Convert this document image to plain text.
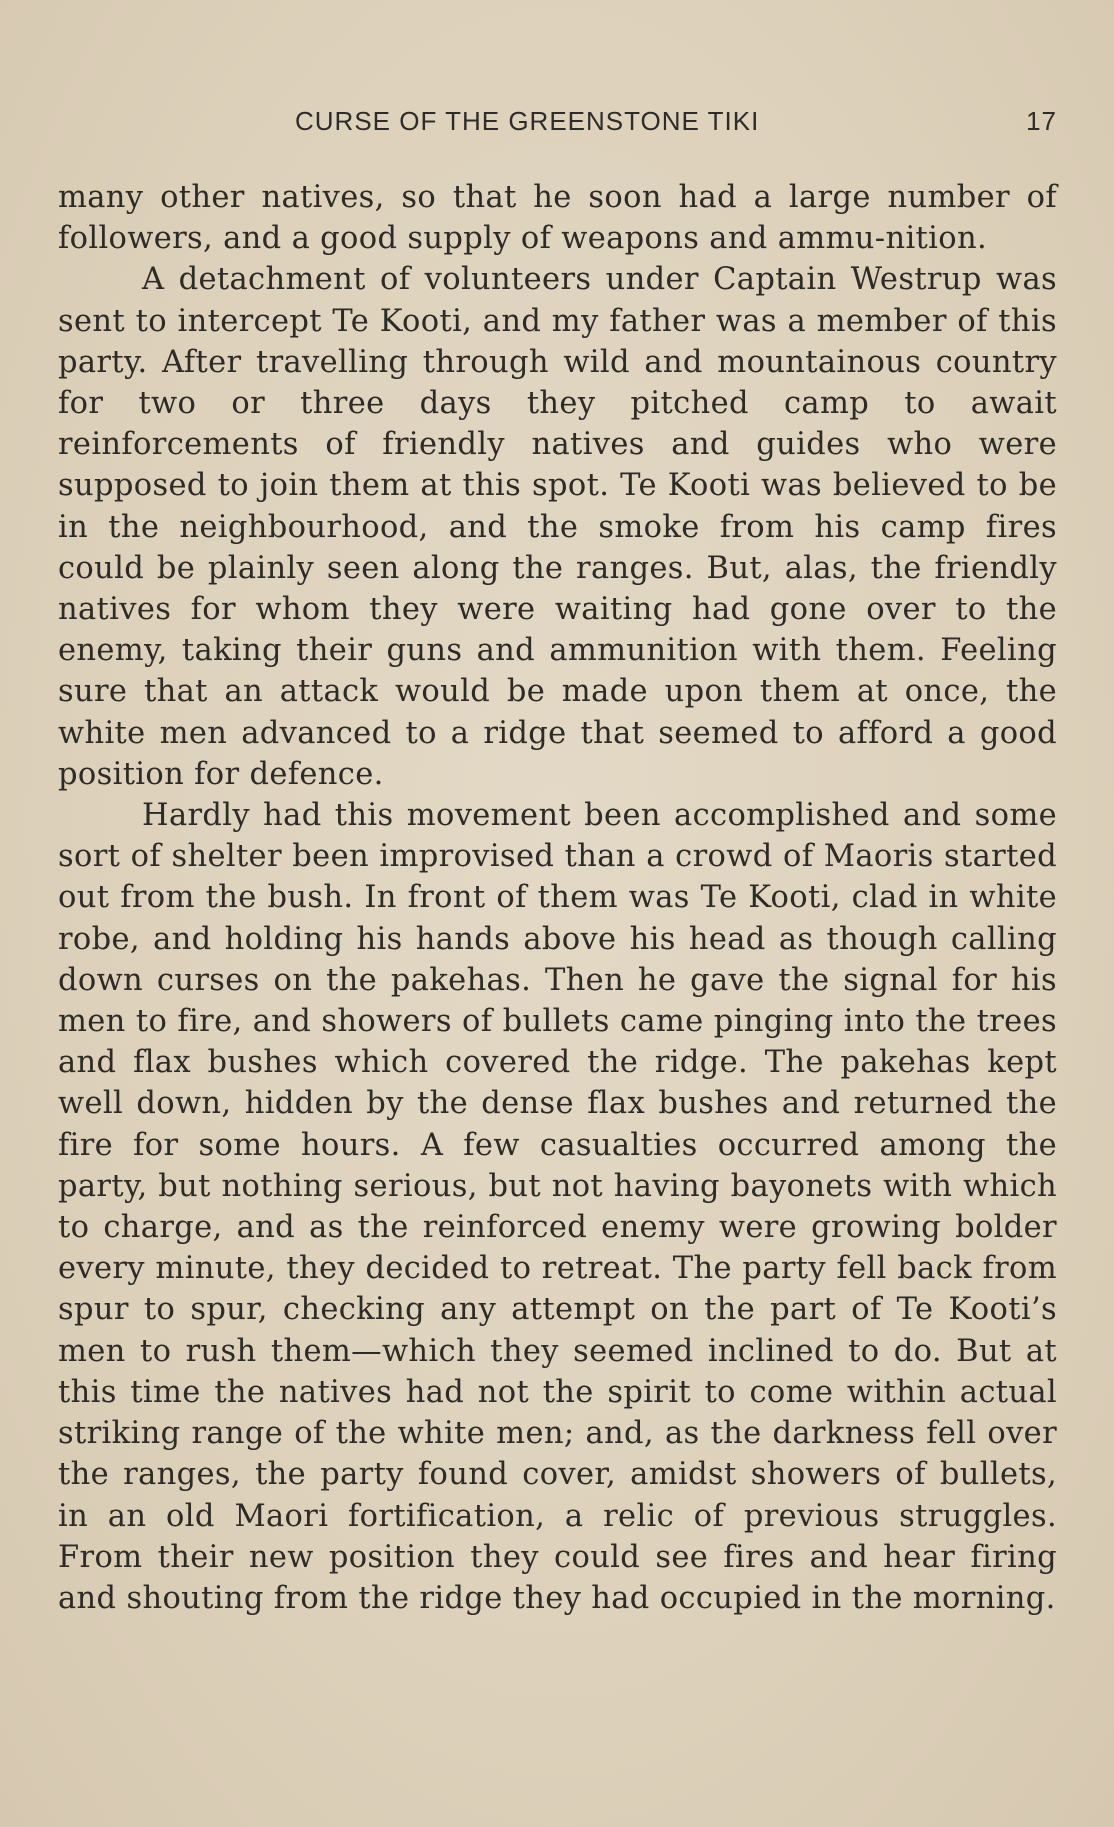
CURSE OF THE GREENSTONE TIKI	17

many other natives, so that he soon had a large number of followers, and a good supply of weapons and ammu-nition.

A detachment of volunteers under Captain Westrup was sent to intercept Te Kooti, and my father was a member of this party. After travelling through wild and mountainous country for two or three days they pitched camp to await reinforcements of friendly natives and guides who were supposed to join them at this spot. Te Kooti was believed to be in the neighbourhood, and the smoke from his camp fires could be plainly seen along the ranges. But, alas, the friendly natives for whom they were waiting had gone over to the enemy, taking their guns and ammunition with them. Feeling sure that an attack would be made upon them at once, the white men advanced to a ridge that seemed to afford a good position for defence.

Hardly had this movement been accomplished and some sort of shelter been improvised than a crowd of Maoris started out from the bush. In front of them was Te Kooti, clad in white robe, and holding his hands above his head as though calling down curses on the pakehas. Then he gave the signal for his men to fire, and showers of bullets came pinging into the trees and flax bushes which covered the ridge. The pakehas kept well down, hidden by the dense flax bushes and returned the fire for some hours. A few casualties occurred among the party, but nothing serious, but not having bayonets with which to charge, and as the reinforced enemy were growing bolder every minute, they decided to retreat. The party fell back from spur to spur, checking any attempt on the part of Te Kooti’s men to rush them—which they seemed inclined to do. But at this time the natives had not the spirit to come within actual striking range of the white men; and, as the darkness fell over the ranges, the party found cover, amidst showers of bullets, in an old Maori fortification, a relic of previous struggles. From their new position they could see fires and hear firing and shouting from the ridge they had occupied in the morning.
